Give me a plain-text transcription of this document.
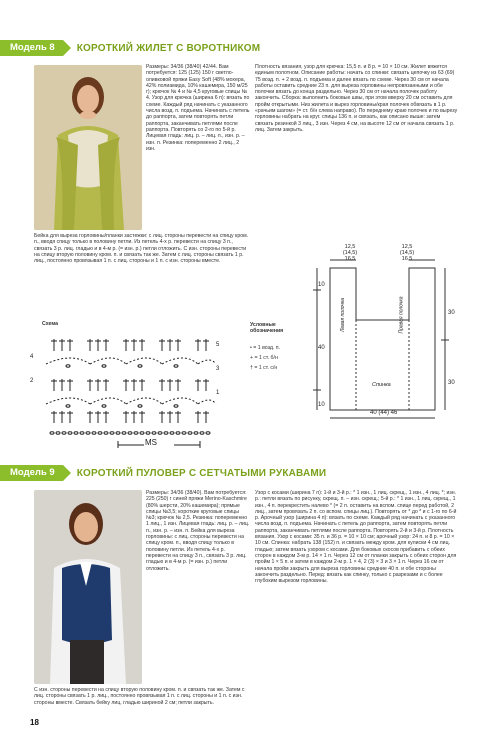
Модель 8	КОРОТКИЙ ЖИЛЕТ С ВОРОТНИКОМ
Размеры: 34/36 (38/40) 42/44. Вам потребуется: 125 (125) 150 г светло-оливковой пряжи Easy Soft (48% мохера, 42% полиамида, 10% кашемира, 150 м/25 г); крючок № 4 и № 4,5 круговые спицы № 4. Узор для крючка (ширина 6 п): вязать по схеме. Каждый ряд начинать с указанного числа возд. п. подъема. Начинать с петель до раппорта, затем повторять петли раппорта, заканчивать петлями после раппорта. Повторять со 2-го по 5-й р. Лицевая гладь: лиц. р. – лиц. п., изн. р. – изн. п. Резинка: попеременно 2 лиц., 2 изн.
Плотность вязания, узор для крючка: 15,5 п. и 8 р. = 10 × 10 см. Жилет вяжется единым полотном. Описание работы: начать со спинки: связать цепочку из 63 (69) 75 возд. п. + 2 возд. п. подъема и далее вязать по схеме. Через 30 см от начала работы оставить средние 23 п. для выреза горловины непровязанными и обе полочки вязать до конца раздельно. Через 30 см от начала полочек работу закончить. Сборка: выполнить боковые швы, при этом вверху 20 см оставить для пройм открытыми. Низ жилета и вырез горловины/края полочек обвязать в 1 р. «рачьим шагом» (= ст. б/н слева направо). По переднему краю полочек и по вырезу горловины набрать на круг. спицы 136 п. и связать, как описано выше: затем связать резинкой 3 лиц., 3 изн. Через 4 см, на высоте 12 см от начала связать 1 р. лиц. Затем закрыть.
Бейка для выреза горловины/планки застежки: с лиц. стороны перевести на спицу кром. п., вводя спицу только в половину петли. Из петель 4-х р. перевести на спицу 3 п., связать 3 р. лиц. гладью и в 4-м р. (= изн. р.) петли отложить. С изн. стороны перевести на спицу вторую половину кром. п. и связать так же. Затем с лиц. стороны связать 1 р. лиц., постоянно провязывая 1 п. с лиц. стороны и 1 п. с изн. стороны вместе.
Схема
MS
5
4
3
2
1
Условные обозначения
• = 1 возд. п.
+ = 1 ст. б/н
† = 1 ст. с/н
12,5
(14,5) 16,5
12,5
(14,5) 16,5
10
40
10
30
30
Левая полочка	Правая полочка
Спинка
40 (44) 46
Модель 9	КОРОТКИЙ ПУЛОВЕР С СЕТЧАТЫМИ РУКАВАМИ
Размеры: 34/36 (38/40). Вам потребуется: 225 (250) г синей пряжи Merino-Kaschmire (80% шерсти, 20% кашемира); прямые спицы №3,5; короткие круговые спицы №3; крючок № 2,5. Резинка: попеременно 1 лиц., 1 изн. Лицевая гладь: лиц. р. – лиц. п., изн. р. – изн. п. Бейка для выреза горловины: с лиц. стороны перевести на спицу кром. п., вводя спицу только в половину петли. Из петель 4-х р. перевести на спицу 3 п., связать 3 р. лиц. гладью и в 4-м р. (= изн. р.) петли отложить.
С изн. стороны перевести на спицу вторую половину кром. п. и связать так же. Затем с лиц. стороны связать 1 р. лиц., постоянно провязывая 1 п. с лиц. стороны и 1 п. с изн. стороны вместе. Связать бейку лиц. гладью шириной 2 см; петли закрыть.
Узор с косами (ширина 7 п): 1-й и 3-й р.: * 1 изн., 1 лиц. скрещ., 1 изн., 4 лиц. *; изн. р.: петли вязать по рисунку, скрещ. п. – изн. скрещ.; 5-й р.: * 1 изн., 1 лиц. скрещ., 1 изн., 4 п. перекрестить налево * (= 2 п. оставить на вспом. спице перед работой, 2 лиц., затем провязать 2 п. со вспом. спицы лиц.). Повторять от * до * и с 1-го по 6-й р. Арочный узор (ширина 4 п): вязать по схеме. Каждый ряд начинать с указанного числа возд. п. подъема. Начинать с петель до раппорта, затем повторять петли раппорта, заканчивать петлями после раппорта. Повторять 2-й и 3-й р. Плотность вязания. Узор с косами: 35 п. и 36 р. = 10 × 10 см; арочный узор: 24 п. и 8 р. = 10 × 10 см. Спинка: набрать 138 (152) п. и связать между кром. для кулиски 4 см лиц. гладью; затем вязать узором с косами. Для боковых скосов прибавить с обеих сторон в каждом 3-м р. 14 × 1 п. Через 12 см от планки закрыть с обеих сторон для пройм 1 × 5 п. и затем в каждом 2-м р. 1 × 4, 2 (3) × 3 и 3 × 1 п. Через 16 см от начала пройм закрыть для выреза горловины средние 40 п. и обе стороны закончить раздельно. Перед: вязать как спинку, только с разрезами и с более глубоким вырезом горловины.
18
